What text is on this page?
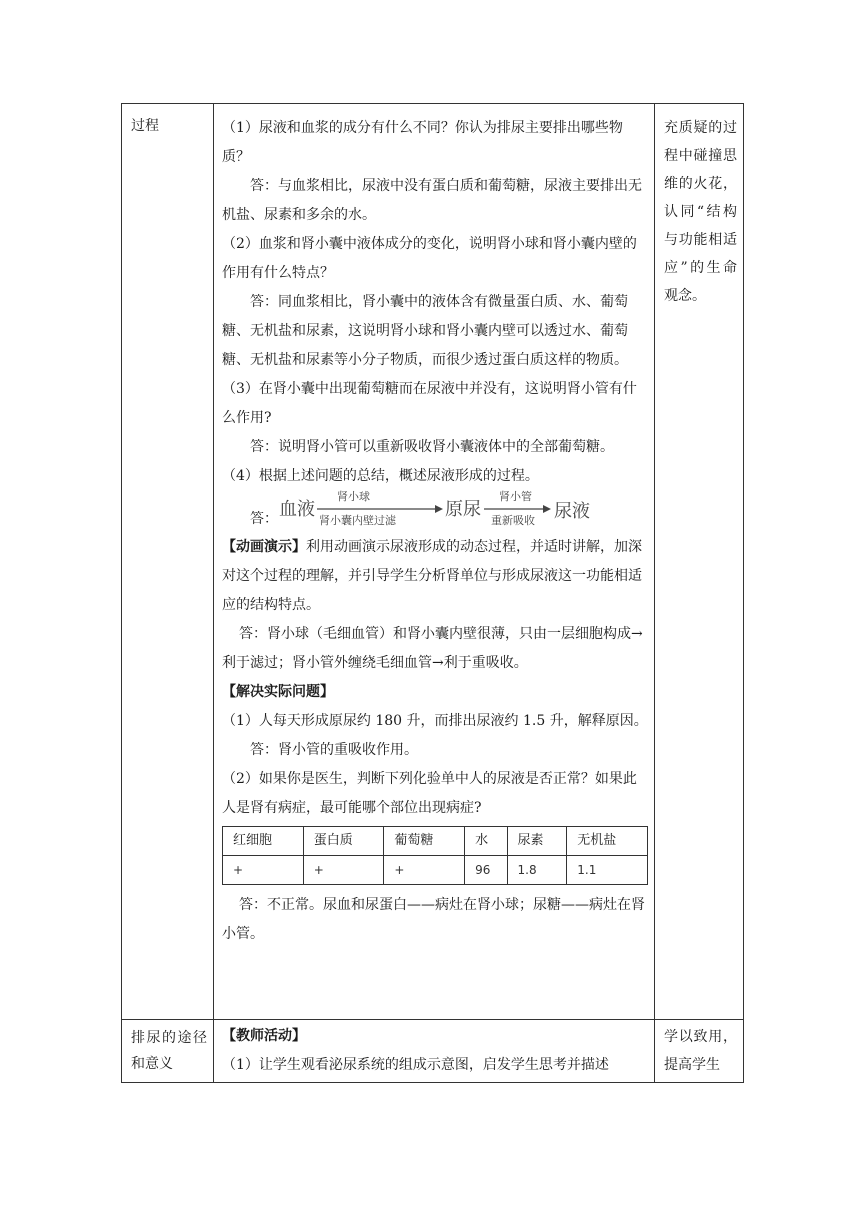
过程	（1）尿液和血浆的成分有什么不同？你认为排尿主要排出哪些物质？

答：与血浆相比，尿液中没有蛋白质和葡萄糖，尿液主要排出无机盐、尿素和多余的水。

（2）血浆和肾小囊中液体成分的变化，说明肾小球和肾小囊内壁的作用有什么特点？

答：同血浆相比，肾小囊中的液体含有微量蛋白质、水、葡萄糖、无机盐和尿素，这说明肾小球和肾小囊内壁可以透过水、葡萄糖、无机盐和尿素等小分子物质，而很少透过蛋白质这样的物质。

（3）在肾小囊中出现葡萄糖而在尿液中并没有，这说明肾小管有什么作用?

答：说明肾小管可以重新吸收肾小囊液体中的全部葡萄糖。

（4）根据上述问题的总结，概述尿液形成的过程。

答： 血液
肾小球
肾小囊内壁过滤
原尿
肾小管
重新吸收 尿液

【动画演示】利用动画演示尿液形成的动态过程，并适时讲解，加深对这个过程的理解，并引导学生分析肾单位与形成尿液这一功能相适应的结构特点。

答：肾小球（毛细血管）和肾小囊内壁很薄，只由一层细胞构成→利于滤过；肾小管外缠绕毛细血管→利于重吸收。

【解决实际问题】

（1）人每天形成原尿约 180 升，而排出尿液约 1.5 升，解释原因。

答：肾小管的重吸收作用。

（2）如果你是医生，判断下列化验单中人的尿液是否正常？如果此人是肾有病症，最可能哪个部位出现病症?

红细胞	蛋白质	葡萄糖	水	尿素	无机盐
+	+	+	96	1.8	1.1

答：不正常。尿血和尿蛋白——病灶在肾小球；尿糖——病灶在肾小管。

充质疑的过程中碰撞思维的火花，认同“结构与功能相适应”的生命观念。

排尿的途径和意义

【教师活动】

（1）让学生观看泌尿系统的组成示意图，启发学生思考并描述

学以致用，提高学生
